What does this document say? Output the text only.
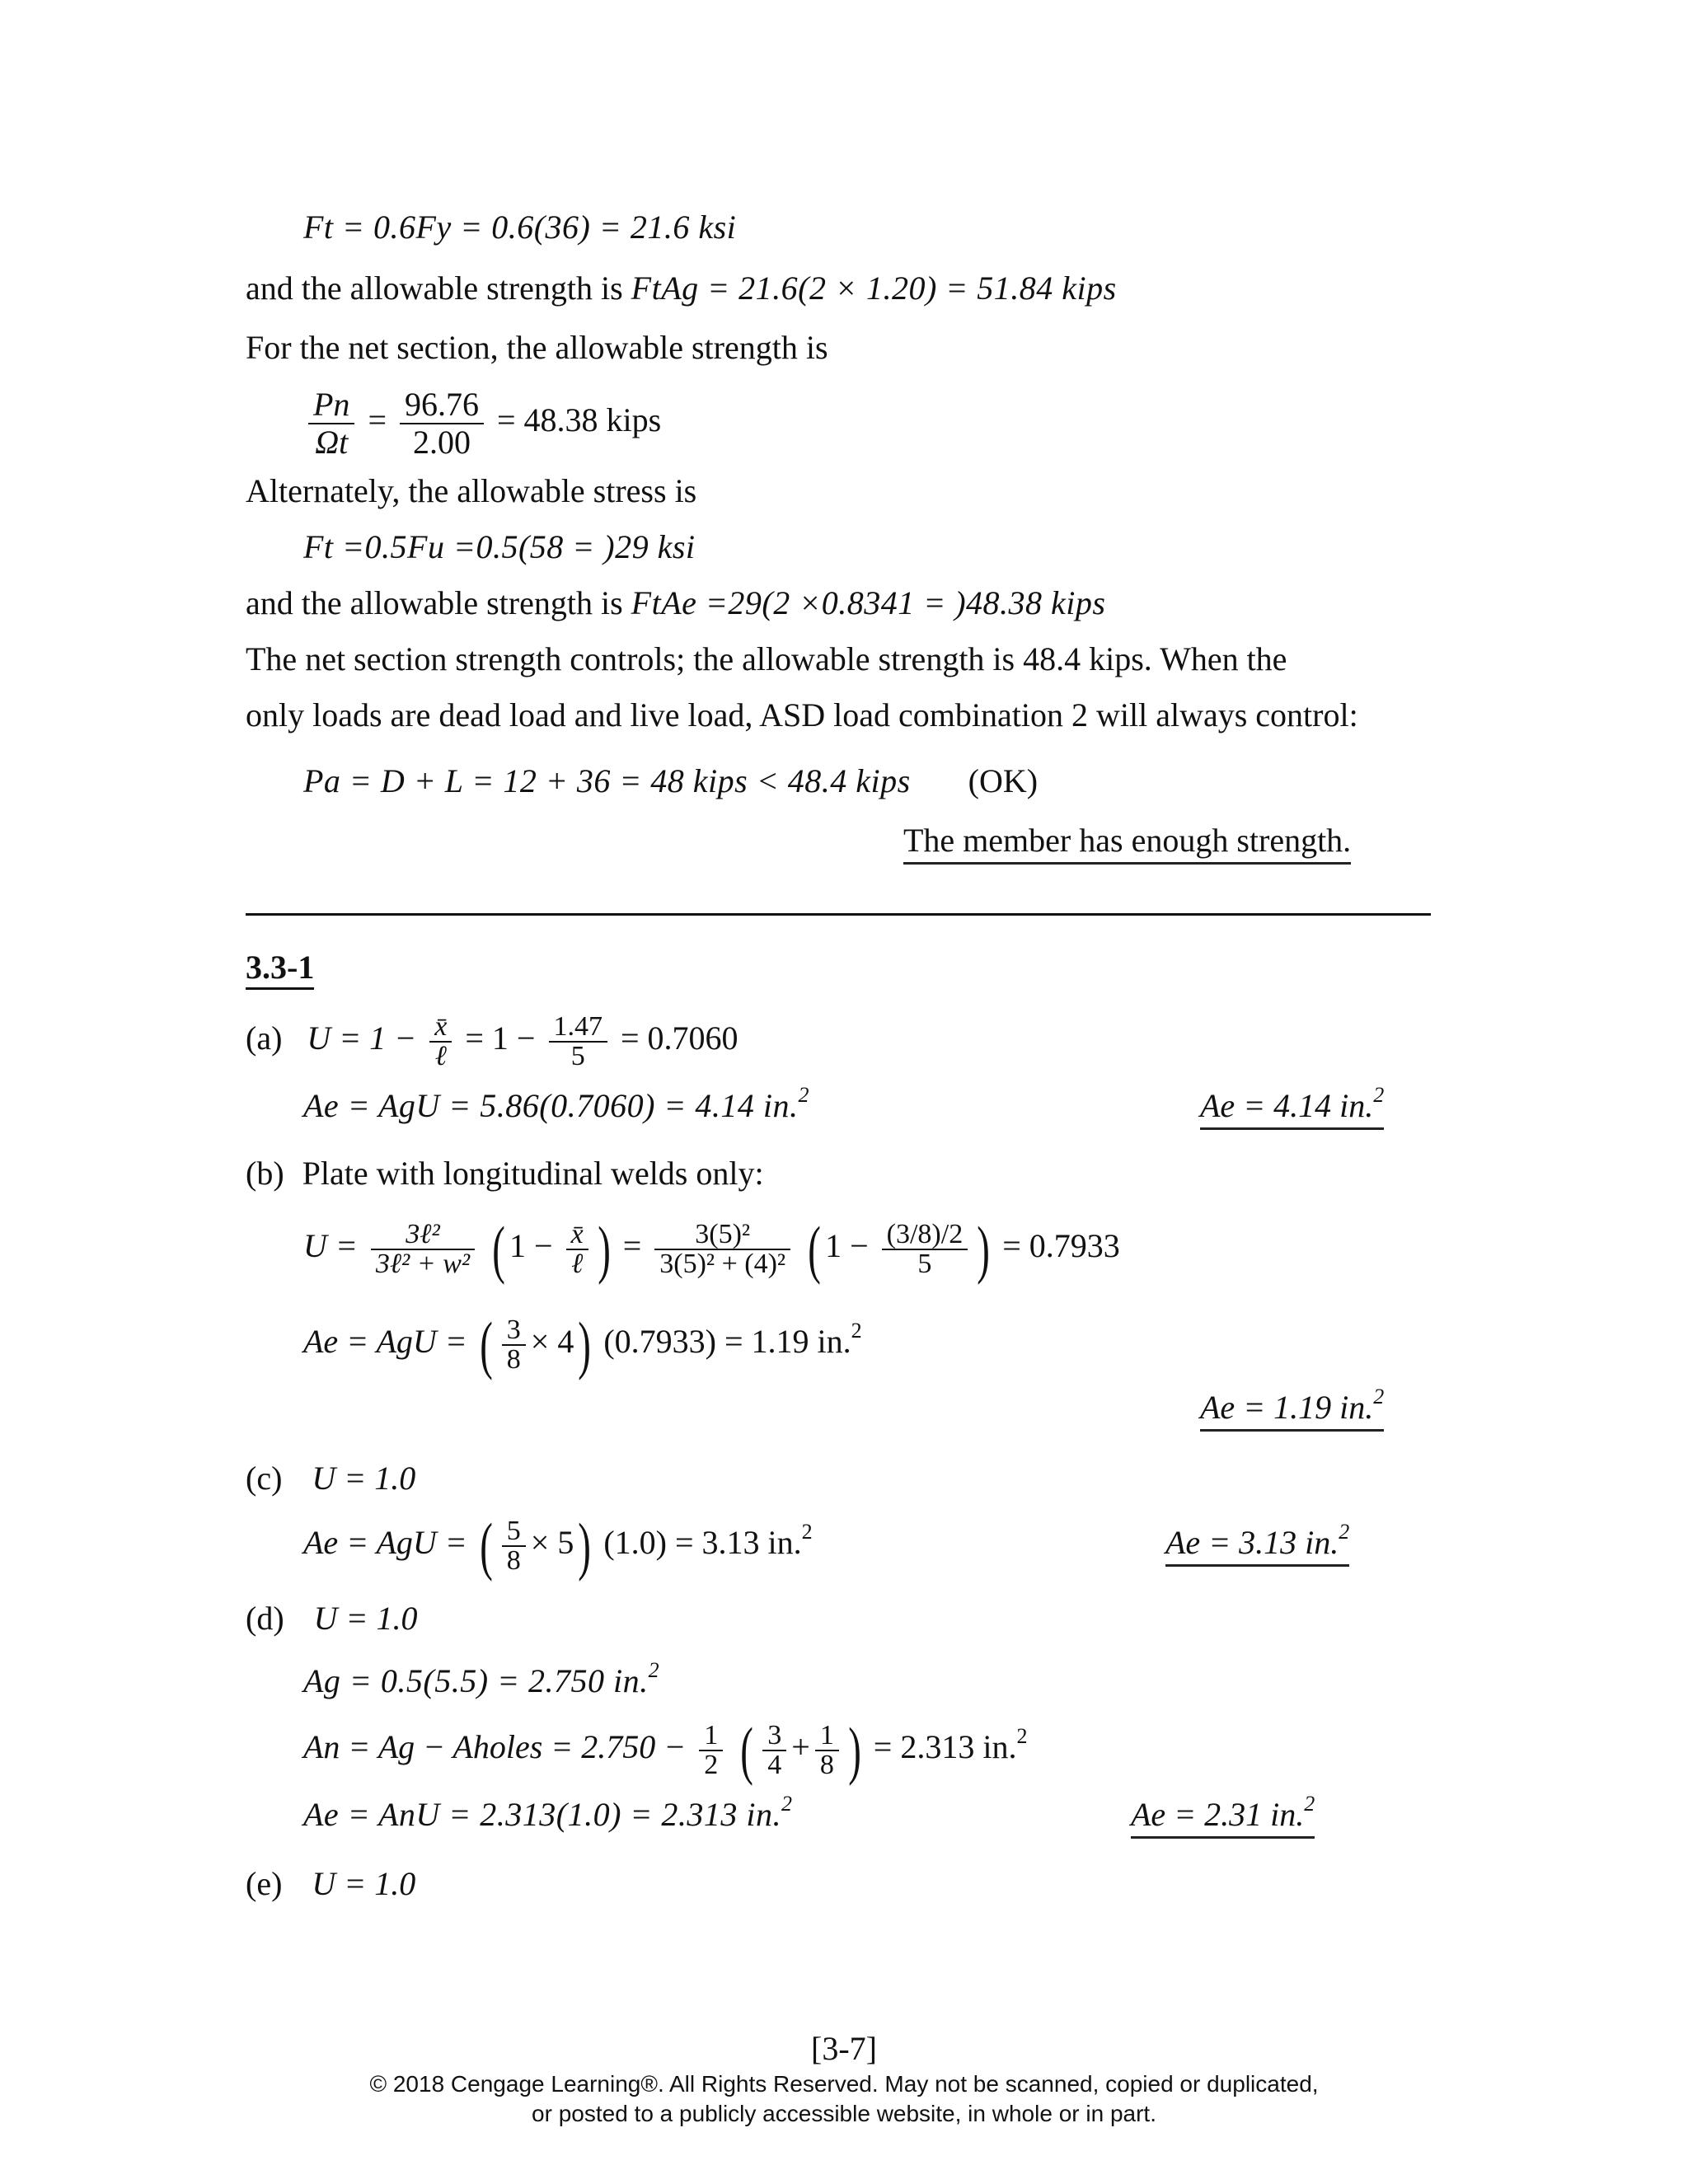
Ft = 0.6Fy = 0.6(36) = 21.6 ksi
and the allowable strength is FtAg = 21.6(2 × 1.20) = 51.84 kips
For the net section, the allowable strength is
$\frac{Pn}{\Omega t} = \frac{96.76}{2.00} = 48.38$ kips
Alternately, the allowable stress is
Ft =0.5Fu =0.5(58 = )29 ksi
and the allowable strength is FtAe =29(2 ×0.8341 = )48.38 kips
The net section strength controls; the allowable strength is 48.4 kips. When the
only loads are dead load and live load, ASD load combination 2 will always control:
Pa = D + L = 12 + 36 = 48 kips < 48.4 kips (OK)
The member has enough strength.
3.3-1
(a) $U = 1 - \frac{x̄}{\text{ℓ}} = 1 - \frac{1.47}{5} = 0.7060$
Ae = AgU = 5.86(0.7060) = 4.14 in.$^2$	Ae = 4.14 in.$^2$
(b) Plate with longitudinal welds only:
$U = \frac{\text{3ℓ²}}{\text{3ℓ² + w²}}$ ( $1 - \frac{x̄}{\text{ℓ}}$ ) = $\frac{\text{3(5)²}}{\text{3(5)² + (4)²}}$ ( $1 - \frac{(3/8)/2}{5}$ ) = 0.7933
Ae = AgU = ( $\frac{3}{8} \times 4$) (0.7933) = 1.19 in.$^2$
Ae = 1.19 in.$^2$
(c) U = 1.0
Ae = AgU = ( $\frac{5}{8} \times 5$) (1.0) = 3.13 in.$^2$	Ae = 3.13 in.$^2$
(d) U = 1.0
Ag = 0.5(5.5) = 2.750 in.$^2$
An = Ag − Aholes = $2.750 - \frac{1}{2}$ ( $\frac{3}{4} + \frac{1}{8}$ ) = 2.313 in.$^2$
Ae = AnU = 2.313(1.0) = 2.313 in.$^2$	Ae = 2.31 in.$^2$
(e) U = 1.0
[3-7]
© 2018 Cengage Learning®. All Rights Reserved. May not be scanned, copied or duplicated,
or posted to a publicly accessible website, in whole or in part.
